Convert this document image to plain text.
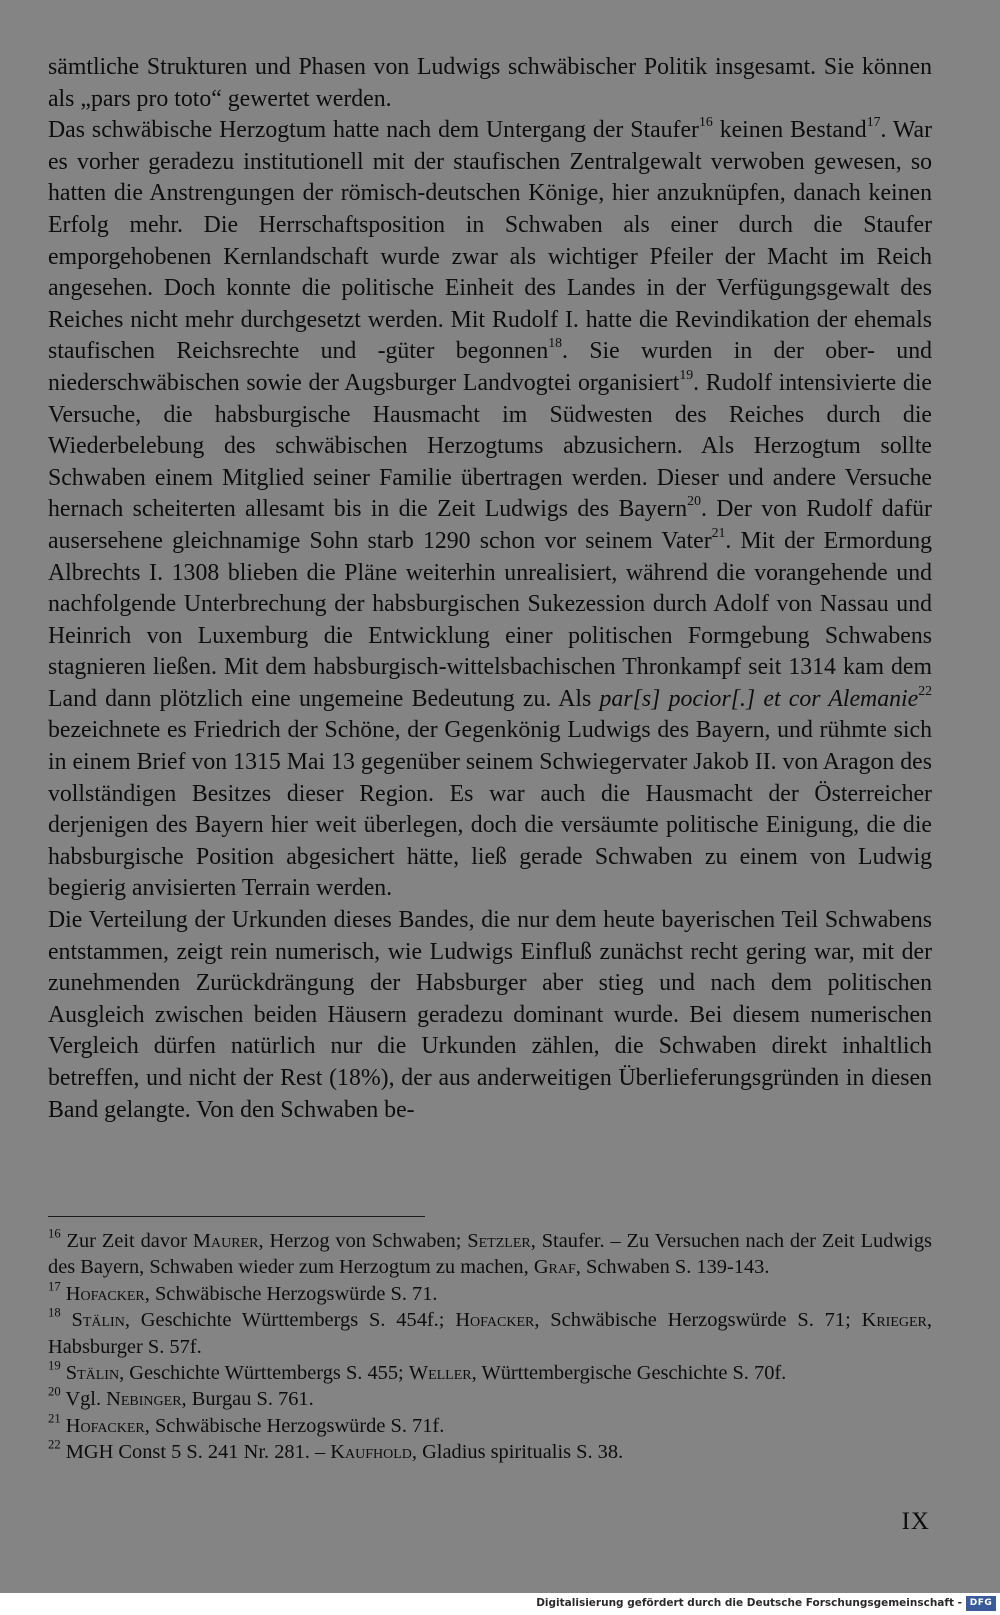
sämtliche Strukturen und Phasen von Ludwigs schwäbischer Politik insgesamt. Sie können als „pars pro toto“ gewertet werden.

Das schwäbische Herzogtum hatte nach dem Untergang der Staufer$^{16}$ keinen Bestand$^{17}$. War es vorher geradezu institutionell mit der staufischen Zentralgewalt verwoben gewesen, so hatten die Anstrengungen der römisch-deutschen Könige, hier anzuknüpfen, danach keinen Erfolg mehr. Die Herrschaftsposition in Schwaben als einer durch die Staufer emporgehobenen Kernlandschaft wurde zwar als wichtiger Pfeiler der Macht im Reich angesehen. Doch konnte die politische Einheit des Landes in der Verfügungsgewalt des Reiches nicht mehr durchgesetzt werden. Mit Rudolf I. hatte die Revindikation der ehemals staufischen Reichsrechte und -güter begonnen$^{18}$. Sie wurden in der ober- und niederschwäbischen sowie der Augsburger Landvogtei organisiert$^{19}$. Rudolf intensivierte die Versuche, die habsburgische Hausmacht im Südwesten des Reiches durch die Wiederbelebung des schwäbischen Herzogtums abzusichern. Als Herzogtum sollte Schwaben einem Mitglied seiner Familie übertragen werden. Dieser und andere Versuche hernach scheiterten allesamt bis in die Zeit Ludwigs des Bayern$^{20}$. Der von Rudolf dafür ausersehene gleichnamige Sohn starb 1290 schon vor seinem Vater$^{21}$. Mit der Ermordung Albrechts I. 1308 blieben die Pläne weiterhin unrealisiert, während die vorangehende und nachfolgende Unterbrechung der habsburgischen Sukezession durch Adolf von Nassau und Heinrich von Luxemburg die Entwicklung einer politischen Formgebung Schwabens stagnieren ließen. Mit dem habsburgisch-wittelsbachischen Thronkampf seit 1314 kam dem Land dann plötzlich eine ungemeine Bedeutung zu. Als par[s] pocior[.] et cor Alemanie$^{22}$ bezeichnete es Friedrich der Schöne, der Gegenkönig Ludwigs des Bayern, und rühmte sich in einem Brief von 1315 Mai 13 gegenüber seinem Schwiegervater Jakob II. von Aragon des vollständigen Besitzes dieser Region. Es war auch die Hausmacht der Österreicher derjenigen des Bayern hier weit überlegen, doch die versäumte politische Einigung, die die habsburgische Position abgesichert hätte, ließ gerade Schwaben zu einem von Ludwig begierig anvisierten Terrain werden.

Die Verteilung der Urkunden dieses Bandes, die nur dem heute bayerischen Teil Schwabens entstammen, zeigt rein numerisch, wie Ludwigs Einfluß zunächst recht gering war, mit der zunehmenden Zurückdrängung der Habsburger aber stieg und nach dem politischen Ausgleich zwischen beiden Häusern geradezu dominant wurde. Bei diesem numerischen Vergleich dürfen natürlich nur die Urkunden zählen, die Schwaben direkt inhaltlich betreffen, und nicht der Rest (18%), der aus anderweitigen Überlieferungsgründen in diesen Band gelangte. Von den Schwaben be-

$^{16}$ Zur Zeit davor Maurer, Herzog von Schwaben; Setzler, Staufer. – Zu Versuchen nach der Zeit Ludwigs des Bayern, Schwaben wieder zum Herzogtum zu machen, Graf, Schwaben S. 139-143.

$^{17}$ Hofacker, Schwäbische Herzogswürde S. 71.

$^{18}$ Stälin, Geschichte Württembergs S. 454f.; Hofacker, Schwäbische Herzogswürde S. 71; Krieger, Habsburger S. 57f.

$^{19}$ Stälin, Geschichte Württembergs S. 455; Weller, Württembergische Geschichte S. 70f.

$^{20}$ Vgl. Nebinger, Burgau S. 761.

$^{21}$ Hofacker, Schwäbische Herzogswürde S. 71f.

$^{22}$ MGH Const 5 S. 241 Nr. 281. – Kaufhold, Gladius spiritualis S. 38.

IX
Digitalisierung gefördert durch die Deutsche Forschungsgemeinschaft - DFG
